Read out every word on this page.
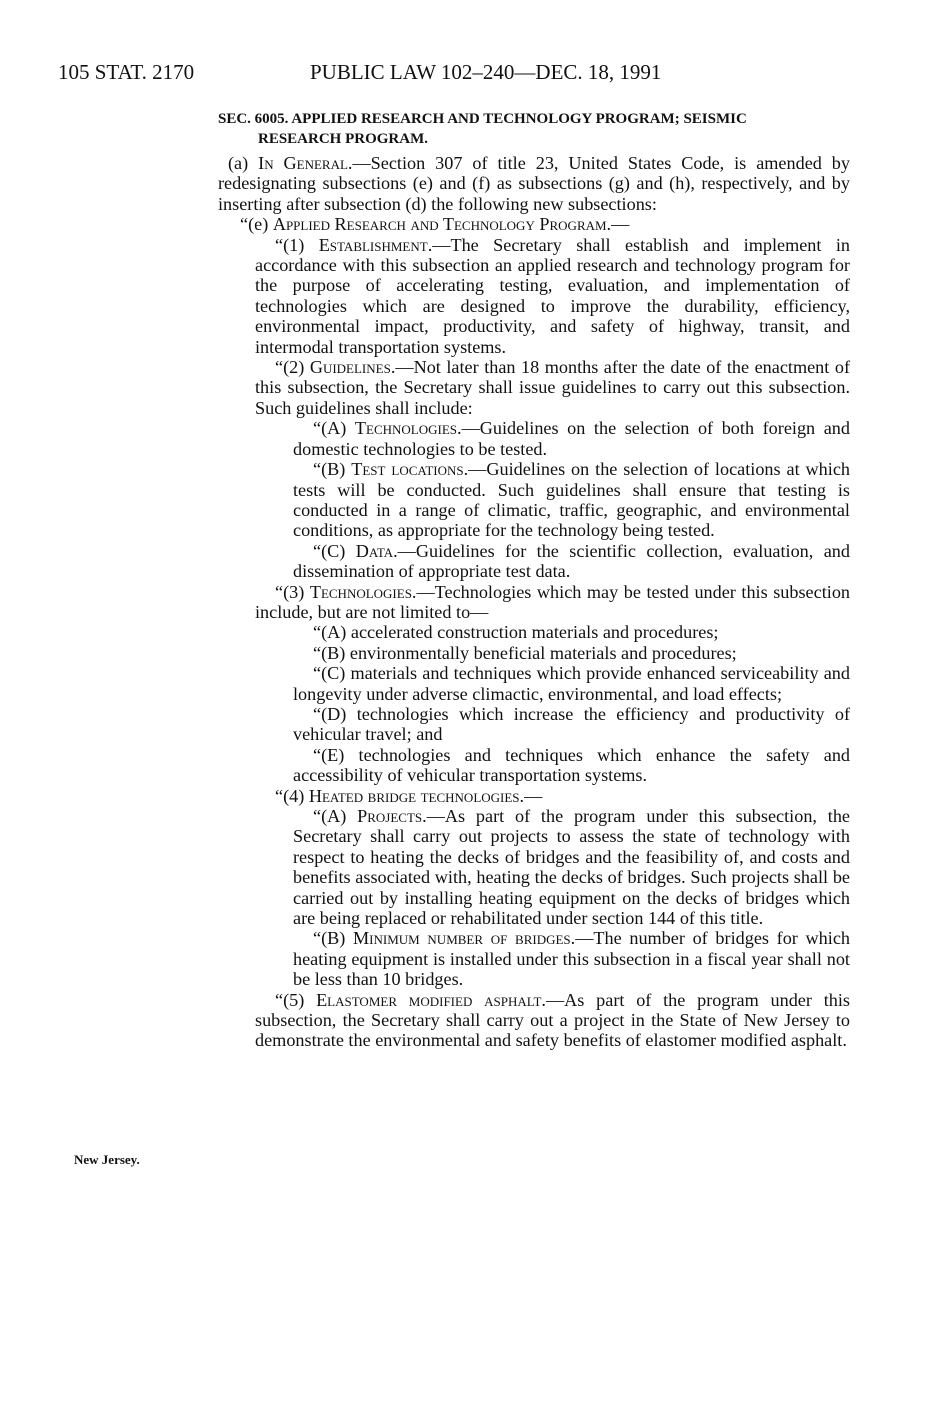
105 STAT. 2170	PUBLIC LAW 102–240—DEC. 18, 1991
SEC. 6005. APPLIED RESEARCH AND TECHNOLOGY PROGRAM; SEISMIC
RESEARCH PROGRAM.
New Jersey.

(a) In General.—Section 307 of title 23, United States Code, is amended by redesignating subsections (e) and (f) as subsections (g) and (h), respectively, and by inserting after subsection (d) the following new subsections:

“(e) Applied Research and Technology Program.—

“(1) Establishment.—The Secretary shall establish and implement in accordance with this subsection an applied research and technology program for the purpose of accelerating testing, evaluation, and implementation of technologies which are designed to improve the durability, efficiency, environmental impact, productivity, and safety of highway, transit, and intermodal transportation systems.

“(2) Guidelines.—Not later than 18 months after the date of the enactment of this subsection, the Secretary shall issue guidelines to carry out this subsection. Such guidelines shall include:

“(A) Technologies.—Guidelines on the selection of both foreign and domestic technologies to be tested.

“(B) Test locations.—Guidelines on the selection of locations at which tests will be conducted. Such guidelines shall ensure that testing is conducted in a range of climatic, traffic, geographic, and environmental conditions, as appropriate for the technology being tested.

“(C) Data.—Guidelines for the scientific collection, evaluation, and dissemination of appropriate test data.

“(3) Technologies.—Technologies which may be tested under this subsection include, but are not limited to—

“(A) accelerated construction materials and procedures;

“(B) environmentally beneficial materials and procedures;

“(C) materials and techniques which provide enhanced serviceability and longevity under adverse climactic, environmental, and load effects;

“(D) technologies which increase the efficiency and productivity of vehicular travel; and

“(E) technologies and techniques which enhance the safety and accessibility of vehicular transportation systems.

“(4) Heated bridge technologies.—

“(A) Projects.—As part of the program under this subsection, the Secretary shall carry out projects to assess the state of technology with respect to heating the decks of bridges and the feasibility of, and costs and benefits associated with, heating the decks of bridges. Such projects shall be carried out by installing heating equipment on the decks of bridges which are being replaced or rehabilitated under section 144 of this title.

“(B) Minimum number of bridges.—The number of bridges for which heating equipment is installed under this subsection in a fiscal year shall not be less than 10 bridges.

“(5) Elastomer modified asphalt.—As part of the program under this subsection, the Secretary shall carry out a project in the State of New Jersey to demonstrate the environmental and safety benefits of elastomer modified asphalt.
